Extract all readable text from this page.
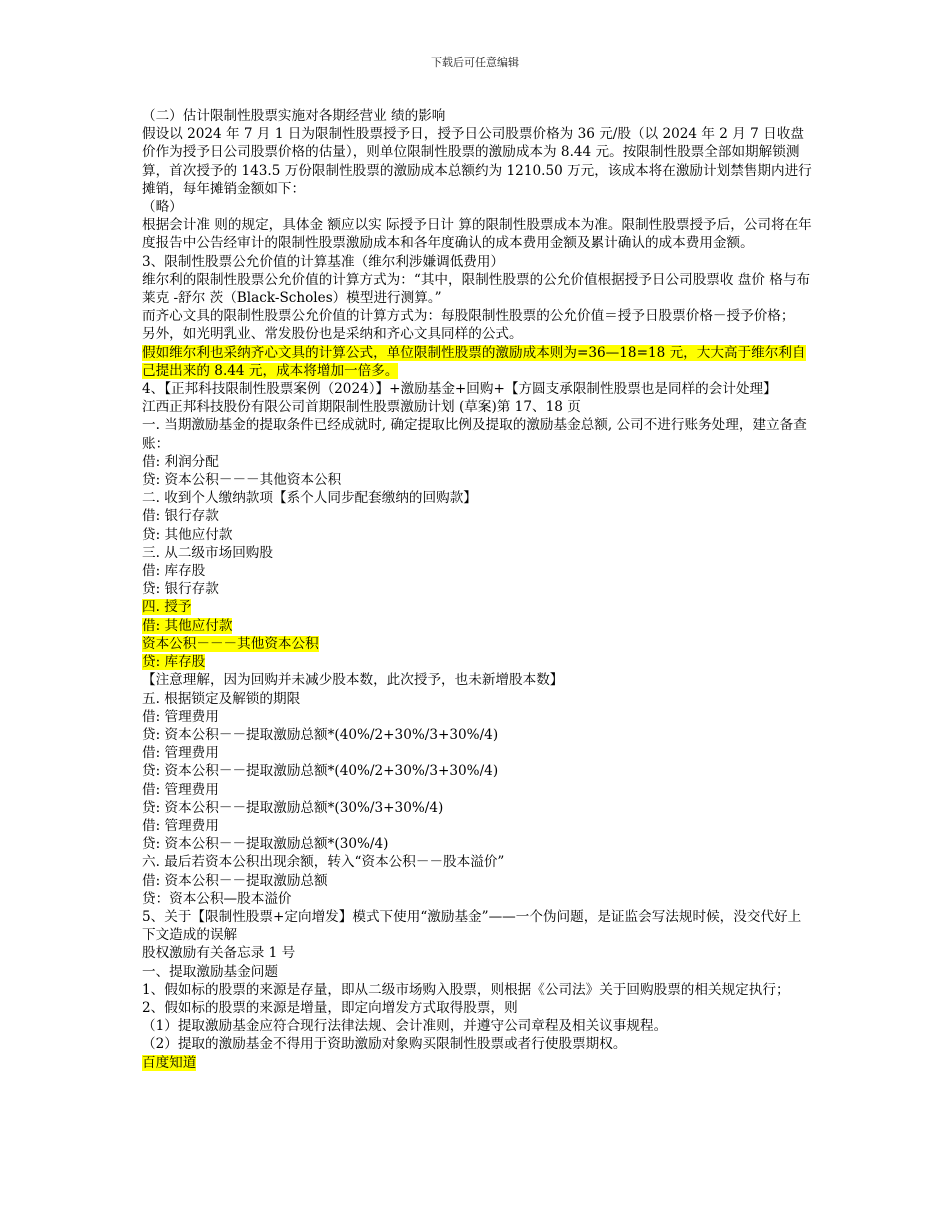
下载后可任意编辑

（二）估计限制性股票实施对各期经营业 绩的影响

假设以 2024 年 7 月 1 日为限制性股票授予日，授予日公司股票价格为 36 元/股（以 2024 年 2 月 7 日收盘价作为授予日公司股票价格的估量），则单位限制性股票的激励成本为 8.44 元。按限制性股票全部如期解锁测算，首次授予的 143.5 万份限制性股票的激励成本总额约为 1210.50 万元，该成本将在激励计划禁售期内进行摊销，每年摊销金额如下：

（略）

根据会计准 则的规定，具体金 额应以实 际授予日计 算的限制性股票成本为准。限制性股票授予后，公司将在年度报告中公告经审计的限制性股票激励成本和各年度确认的成本费用金额及累计确认的成本费用金额。

3、限制性股票公允价值的计算基准（维尔利涉嫌调低费用）

维尔利的限制性股票公允价值的计算方式为：“其中，限制性股票的公允价值根据授予日公司股票收 盘价 格与布 莱克 -舒尔 茨（Black-Scholes）模型进行测算。”

而齐心文具的限制性股票公允价值的计算方式为：每股限制性股票的公允价值＝授予日股票价格－授予价格；

另外，如光明乳业、常发股份也是采纳和齐心文具同样的公式。

假如维尔利也采纳齐心文具的计算公式，单位限制性股票的激励成本则为=36—18=18 元，大大高于维尔利自己提出来的 8.44 元，成本将增加一倍多。

4、【正邦科技限制性股票案例（2024）】+激励基金+回购+【方圆支承限制性股票也是同样的会计处理】

江西正邦科技股份有限公司首期限制性股票激励计划 (草案)第 17、18 页

一. 当期激励基金的提取条件已经成就时, 确定提取比例及提取的激励基金总额, 公司不进行账务处理，建立备查账：

借: 利润分配

贷: 资本公积－－－其他资本公积

二. 收到个人缴纳款项【系个人同步配套缴纳的回购款】

借: 银行存款

贷: 其他应付款

三. 从二级市场回购股

借: 库存股

贷: 银行存款

四. 授予

借: 其他应付款

资本公积－－－其他资本公积

贷: 库存股

【注意理解，因为回购并未减少股本数，此次授予，也未新增股本数】

五. 根据锁定及解锁的期限

借: 管理费用

贷: 资本公积－－提取激励总额*(40%/2+30%/3+30%/4)

借: 管理费用

贷: 资本公积－－提取激励总额*(40%/2+30%/3+30%/4)

借: 管理费用

贷: 资本公积－－提取激励总额*(30%/3+30%/4)

借: 管理费用

贷: 资本公积－－提取激励总额*(30%/4)

六. 最后若资本公积出现余额，转入“资本公积－－股本溢价”

借: 资本公积－－提取激励总额

贷：资本公积—股本溢价

5、关于【限制性股票+定向增发】模式下使用“激励基金”——一个伪问题，是证监会写法规时候，没交代好上下文造成的误解

股权激励有关备忘录 1 号

一、提取激励基金问题

1、假如标的股票的来源是存量，即从二级市场购入股票，则根据《公司法》关于回购股票的相关规定执行；

2、假如标的股票的来源是增量，即定向增发方式取得股票，则

（1）提取激励基金应符合现行法律法规、会计准则，并遵守公司章程及相关议事规程。

（2）提取的激励基金不得用于资助激励对象购买限制性股票或者行使股票期权。

百度知道
